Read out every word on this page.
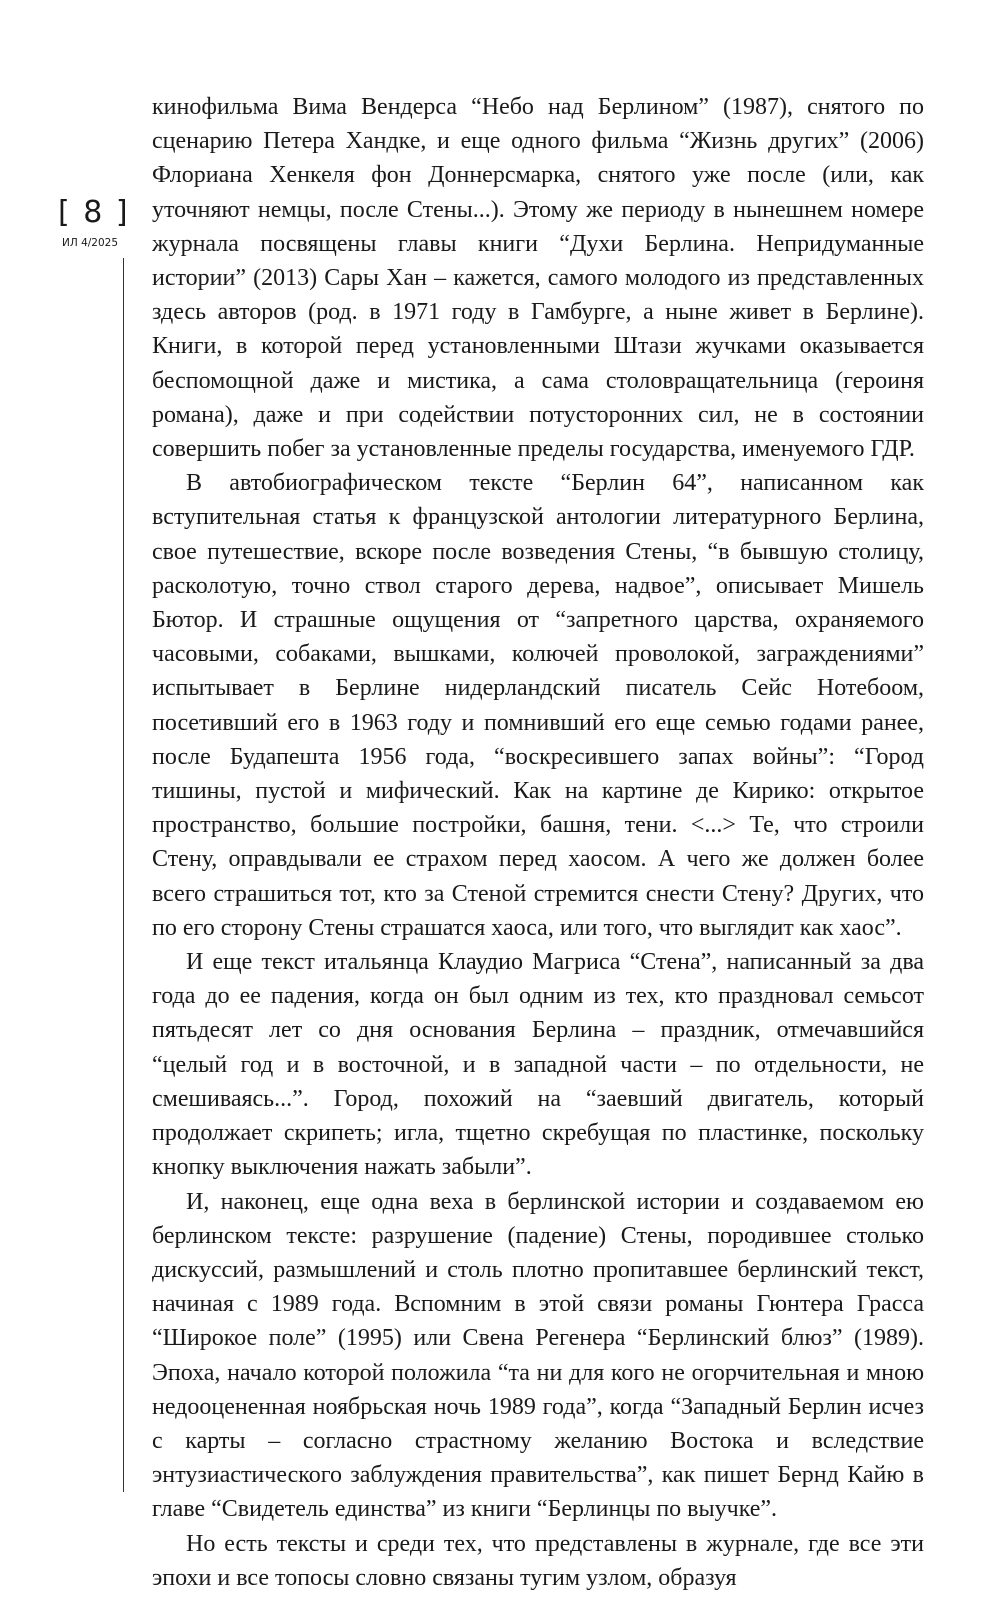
[ 8 ]
ИЛ 4/2025

кинофильма Вима Вендерса “Небо над Берлином” (1987), снятого по сценарию Петера Хандке, и еще одного фильма “Жизнь других” (2006) Флориана Хенкеля фон Доннерсмарка, снятого уже после (или, как уточняют немцы, после Стены...). Этому же периоду в нынешнем номере журнала посвящены главы книги “Духи Берлина. Непридуманные истории” (2013) Сары Хан – кажется, самого молодого из представленных здесь авторов (род. в 1971 году в Гамбурге, а ныне живет в Берлине). Книги, в которой перед установленными Штази жучками оказывается беспомощной даже и мистика, а сама столовращательница (героиня романа), даже и при содействии потусторонних сил, не в состоянии совершить побег за установленные пределы государства, именуемого ГДР.

В автобиографическом тексте “Берлин 64”, написанном как вступительная статья к французской антологии литературного Берлина, свое путешествие, вскоре после возведения Стены, “в бывшую столицу, расколотую, точно ствол старого дерева, надвое”, описывает Мишель Бютор. И страшные ощущения от “запретного царства, охраняемого часовыми, собаками, вышками, колючей проволокой, заграждениями” испытывает в Берлине нидерландский писатель Сейс Нотебоом, посетивший его в 1963 году и помнивший его еще семью годами ранее, после Будапешта 1956 года, “воскресившего запах войны”: “Город тишины, пустой и мифический. Как на картине де Кирико: открытое пространство, большие постройки, башня, тени. <...> Те, что строили Стену, оправдывали ее страхом перед хаосом. А чего же должен более всего страшиться тот, кто за Стеной стремится снести Стену? Других, что по его сторону Стены страшатся хаоса, или того, что выглядит как хаос”.

И еще текст итальянца Клаудио Магриса “Стена”, написанный за два года до ее падения, когда он был одним из тех, кто праздновал семьсот пятьдесят лет со дня основания Берлина – праздник, отмечавшийся “целый год и в восточной, и в западной части – по отдельности, не смешиваясь...”. Город, похожий на “заевший двигатель, который продолжает скрипеть; игла, тщетно скребущая по пластинке, поскольку кнопку выключения нажать забыли”.

И, наконец, еще одна веха в берлинской истории и создаваемом ею берлинском тексте: разрушение (падение) Стены, породившее столько дискуссий, размышлений и столь плотно пропитавшее берлинский текст, начиная с 1989 года. Вспомним в этой связи романы Гюнтера Грасса “Широкое поле” (1995) или Свена Регенера “Берлинский блюз” (1989). Эпоха, начало которой положила “та ни для кого не огорчительная и мною недооцененная ноябрьская ночь 1989 года”, когда “Западный Берлин исчез с карты – согласно страстному желанию Востока и вследствие энтузиастического заблуждения правительства”, как пишет Бернд Кайю в главе “Свидетель единства” из книги “Берлинцы по выучке”.

Но есть тексты и среди тех, что представлены в журнале, где все эти эпохи и все топосы словно связаны тугим узлом, образуя
